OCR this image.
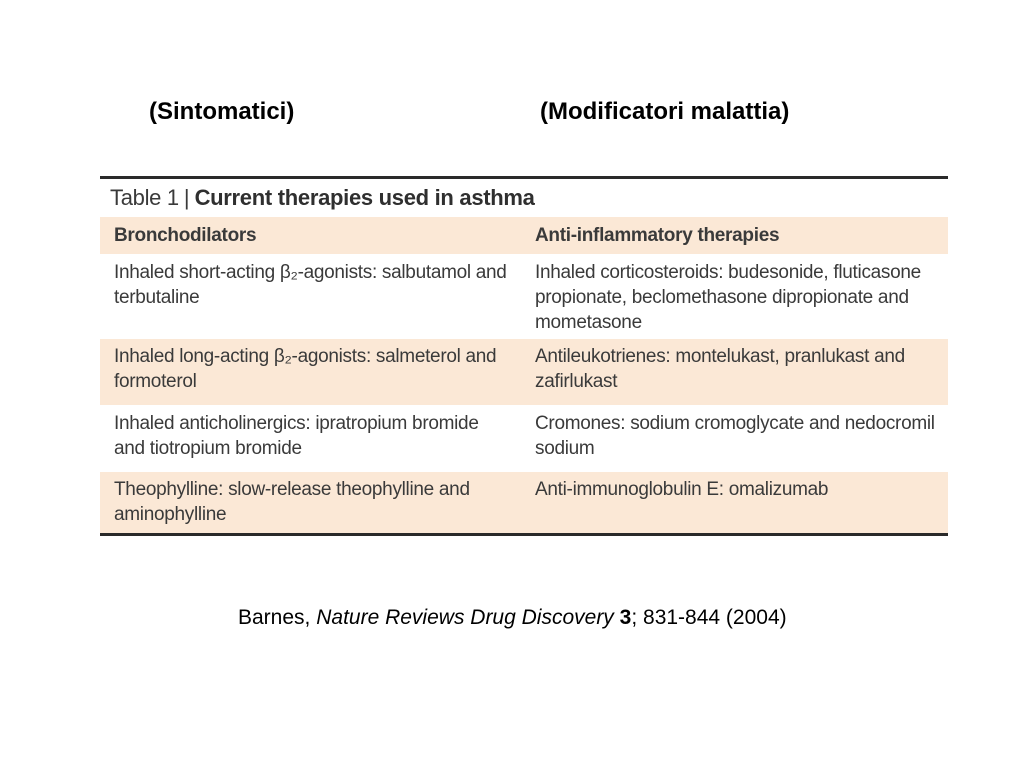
(Sintomatici)	(Modificatori malattia)
Table 1 | Current therapies used in asthma
Bronchodilators	Anti-inflammatory therapies
Inhaled short-acting β₂-agonists: salbutamol and terbutaline
Inhaled corticosteroids: budesonide, fluticasone propionate, beclomethasone dipropionate and mometasone
Inhaled long-acting β₂-agonists: salmeterol and formoterol
Antileukotrienes: montelukast, pranlukast and zafirlukast
Inhaled anticholinergics: ipratropium bromide and tiotropium bromide
Cromones: sodium cromoglycate and nedocromil sodium
Theophylline: slow-release theophylline and aminophylline
Anti-immunoglobulin E: omalizumab
Barnes, Nature Reviews Drug Discovery 3; 831-844 (2004)
